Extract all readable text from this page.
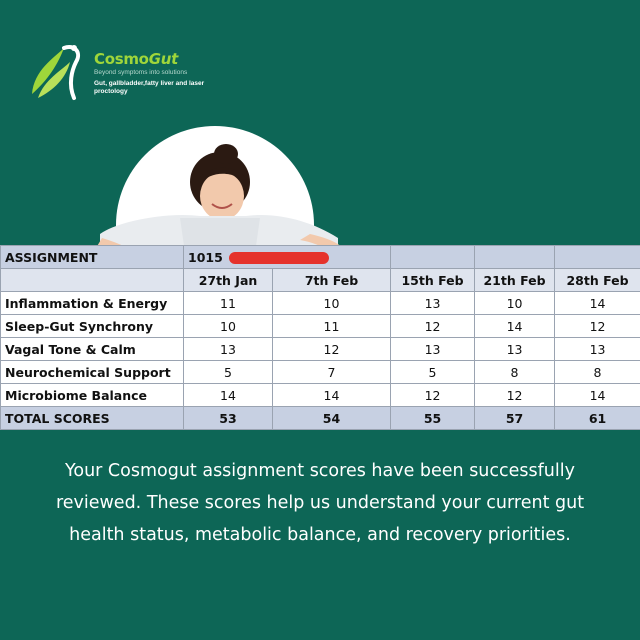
CosmoGut
Beyond symptoms into solutions
Gut, gallbladder,fatty liver and laser proctology
ASSIGNMENT	1015				
	27th Jan	7th Feb	15th Feb	21th Feb	28th Feb
Inflammation & Energy	11	10	13	10	14
Sleep-Gut Synchrony	10	11	12	14	12
Vagal Tone & Calm	13	12	13	13	13
Neurochemical Support	5	7	5	8	8
Microbiome Balance	14	14	12	12	14
TOTAL SCORES	53	54	55	57	61
Your Cosmogut assignment scores have been successfully reviewed. These scores help us understand your current gut health status, metabolic balance, and recovery priorities.
